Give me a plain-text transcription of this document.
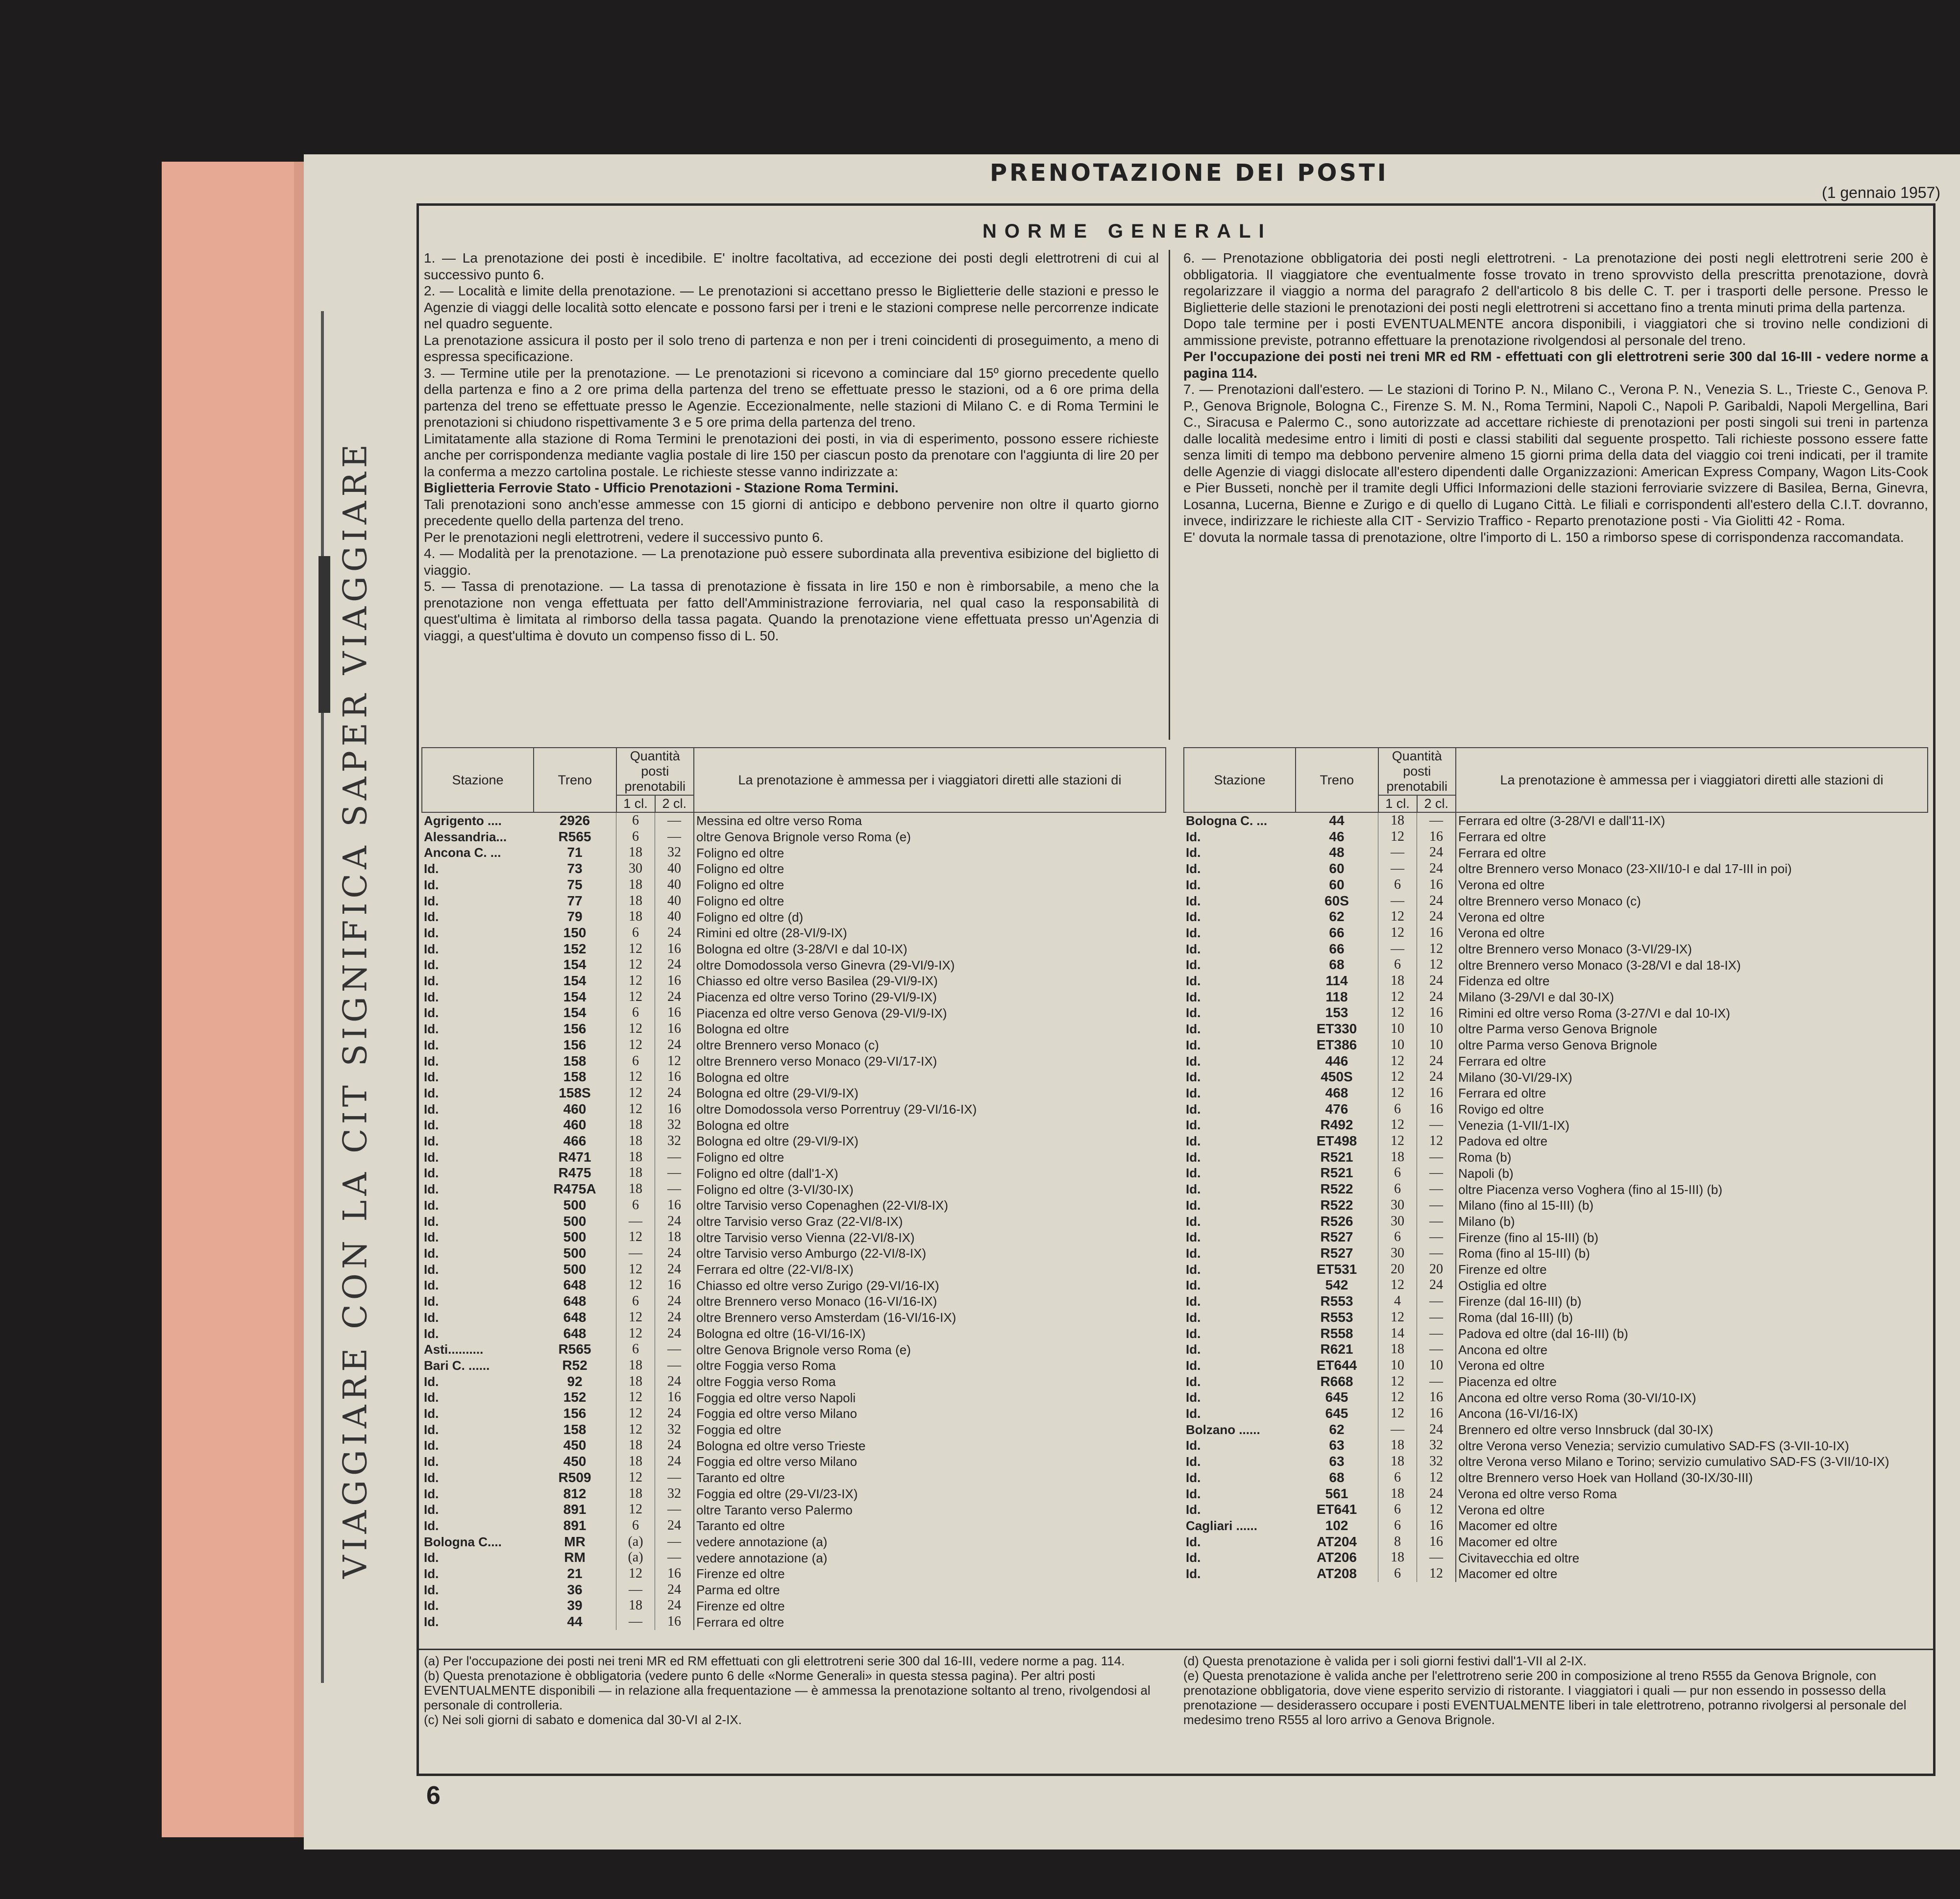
VIAGGIARE CON LA CIT SIGNIFICA SAPER VIAGGIARE
PRENOTAZIONE DEI POSTI
(1 gennaio 1957)
NORME GENERALI

1. — La prenotazione dei posti è incedibile. E' inoltre facoltativa, ad eccezione dei posti degli elettrotreni di cui al successivo punto 6.

2. — Località e limite della prenotazione. — Le prenotazioni si accettano presso le Biglietterie delle stazioni e presso le Agenzie di viaggi delle località sotto elencate e possono farsi per i treni e le stazioni comprese nelle percorrenze indicate nel quadro seguente.

La prenotazione assicura il posto per il solo treno di partenza e non per i treni coincidenti di proseguimento, a meno di espressa specificazione.

3. — Termine utile per la prenotazione. — Le prenotazioni si ricevono a cominciare dal 15º giorno precedente quello della partenza e fino a 2 ore prima della partenza del treno se effettuate presso le stazioni, od a 6 ore prima della partenza del treno se effettuate presso le Agenzie. Eccezionalmente, nelle stazioni di Milano C. e di Roma Termini le prenotazioni si chiudono rispettivamente 3 e 5 ore prima della partenza del treno.

Limitatamente alla stazione di Roma Termini le prenotazioni dei posti, in via di esperimento, possono essere richieste anche per corrispondenza mediante vaglia postale di lire 150 per ciascun posto da prenotare con l'aggiunta di lire 20 per la conferma a mezzo cartolina postale. Le richieste stesse vanno indirizzate a:

Biglietteria Ferrovie Stato - Ufficio Prenotazioni - Stazione Roma Termini.

Tali prenotazioni sono anch'esse ammesse con 15 giorni di anticipo e debbono pervenire non oltre il quarto giorno precedente quello della partenza del treno.

Per le prenotazioni negli elettrotreni, vedere il successivo punto 6.

4. — Modalità per la prenotazione. — La prenotazione può essere subordinata alla preventiva esibizione del biglietto di viaggio.

5. — Tassa di prenotazione. — La tassa di prenotazione è fissata in lire 150 e non è rimborsabile, a meno che la prenotazione non venga effettuata per fatto dell'Amministrazione ferroviaria, nel qual caso la responsabilità di quest'ultima è limitata al rimborso della tassa pagata. Quando la prenotazione viene effettuata presso un'Agenzia di viaggi, a quest'ultima è dovuto un compenso fisso di L. 50.

6. — Prenotazione obbligatoria dei posti negli elettrotreni. - La prenotazione dei posti negli elettrotreni serie 200 è obbligatoria. Il viaggiatore che eventualmente fosse trovato in treno sprovvisto della prescritta prenotazione, dovrà regolarizzare il viaggio a norma del paragrafo 2 dell'articolo 8 bis delle C. T. per i trasporti delle persone. Presso le Biglietterie delle stazioni le prenotazioni dei posti negli elettrotreni si accettano fino a trenta minuti prima della partenza.

Dopo tale termine per i posti EVENTUALMENTE ancora disponibili, i viaggiatori che si trovino nelle condizioni di ammissione previste, potranno effettuare la prenotazione rivolgendosi al personale del treno.

Per l'occupazione dei posti nei treni MR ed RM - effettuati con gli elettrotreni serie 300 dal 16-III - vedere norme a pagina 114.

7. — Prenotazioni dall'estero. — Le stazioni di Torino P. N., Milano C., Verona P. N., Venezia S. L., Trieste C., Genova P. P., Genova Brignole, Bologna C., Firenze S. M. N., Roma Termini, Napoli C., Napoli P. Garibaldi, Napoli Mergellina, Bari C., Siracusa e Palermo C., sono autorizzate ad accettare richieste di prenotazioni per posti singoli sui treni in partenza dalle località medesime entro i limiti di posti e classi stabiliti dal seguente prospetto. Tali richieste possono essere fatte senza limiti di tempo ma debbono pervenire almeno 15 giorni prima della data del viaggio coi treni indicati, per il tramite delle Agenzie di viaggi dislocate all'estero dipendenti dalle Organizzazioni: American Express Company, Wagon Lits-Cook e Pier Busseti, nonchè per il tramite degli Uffici Informazioni delle stazioni ferroviarie svizzere di Basilea, Berna, Ginevra, Losanna, Lucerna, Bienne e Zurigo e di quello di Lugano Città. Le filiali e corrispondenti all'estero della C.I.T. dovranno, invece, indirizzare le richieste alla CIT - Servizio Traffico - Reparto prenotazione posti - Via Giolitti 42 - Roma.

E' dovuta la normale tassa di prenotazione, oltre l'importo di L. 150 a rimborso spese di corrispondenza raccomandata.

Stazione	Treno	Quantità posti prenotabili		La prenotazione è ammessa per i viaggiatori diretti alle stazioni di
		1 cl.	2 cl.	
Agrigento ....	2926	6	—	Messina ed oltre verso Roma
Alessandria...	R565	6	—	oltre Genova Brignole verso Roma (e)
Ancona C. ...	71	18	32	Foligno ed oltre
Id.	73	30	40	Foligno ed oltre
Id.	75	18	40	Foligno ed oltre
Id.	77	18	40	Foligno ed oltre
Id.	79	18	40	Foligno ed oltre (d)
Id.	150	6	24	Rimini ed oltre (28-VI/9-IX)
Id.	152	12	16	Bologna ed oltre (3-28/VI e dal 10-IX)
Id.	154	12	24	oltre Domodossola verso Ginevra (29-VI/9-IX)
Id.	154	12	16	Chiasso ed oltre verso Basilea (29-VI/9-IX)
Id.	154	12	24	Piacenza ed oltre verso Torino (29-VI/9-IX)
Id.	154	6	16	Piacenza ed oltre verso Genova (29-VI/9-IX)
Id.	156	12	16	Bologna ed oltre
Id.	156	12	24	oltre Brennero verso Monaco (c)
Id.	158	6	12	oltre Brennero verso Monaco (29-VI/17-IX)
Id.	158	12	16	Bologna ed oltre
Id.	158S	12	24	Bologna ed oltre (29-VI/9-IX)
Id.	460	12	16	oltre Domodossola verso Porrentruy (29-VI/16-IX)
Id.	460	18	32	Bologna ed oltre
Id.	466	18	32	Bologna ed oltre (29-VI/9-IX)
Id.	R471	18	—	Foligno ed oltre
Id.	R475	18	—	Foligno ed oltre (dall'1-X)
Id.	R475A	18	—	Foligno ed oltre (3-VI/30-IX)
Id.	500	6	16	oltre Tarvisio verso Copenaghen (22-VI/8-IX)
Id.	500	—	24	oltre Tarvisio verso Graz (22-VI/8-IX)
Id.	500	12	18	oltre Tarvisio verso Vienna (22-VI/8-IX)
Id.	500	—	24	oltre Tarvisio verso Amburgo (22-VI/8-IX)
Id.	500	12	24	Ferrara ed oltre (22-VI/8-IX)
Id.	648	12	16	Chiasso ed oltre verso Zurigo (29-VI/16-IX)
Id.	648	6	24	oltre Brennero verso Monaco (16-VI/16-IX)
Id.	648	12	24	oltre Brennero verso Amsterdam (16-VI/16-IX)
Id.	648	12	24	Bologna ed oltre (16-VI/16-IX)
Asti..........	R565	6	—	oltre Genova Brignole verso Roma (e)
Bari C. ......	R52	18	—	oltre Foggia verso Roma
Id.	92	18	24	oltre Foggia verso Roma
Id.	152	12	16	Foggia ed oltre verso Napoli
Id.	156	12	24	Foggia ed oltre verso Milano
Id.	158	12	32	Foggia ed oltre
Id.	450	18	24	Bologna ed oltre verso Trieste
Id.	450	18	24	Foggia ed oltre verso Milano
Id.	R509	12	—	Taranto ed oltre
Id.	812	18	32	Foggia ed oltre (29-VI/23-IX)
Id.	891	12	—	oltre Taranto verso Palermo
Id.	891	6	24	Taranto ed oltre
Bologna C....	MR	(a)	—	vedere annotazione (a)
Id.	RM	(a)	—	vedere annotazione (a)
Id.	21	12	16	Firenze ed oltre
Id.	36	—	24	Parma ed oltre
Id.	39	18	24	Firenze ed oltre
Id.	44	—	16	Ferrara ed oltre
Stazione	Treno	Quantità posti prenotabili		La prenotazione è ammessa per i viaggiatori diretti alle stazioni di
		1 cl.	2 cl.	
Bologna C. ...	44	18	—	Ferrara ed oltre (3-28/VI e dall'11-IX)
Id.	46	12	16	Ferrara ed oltre
Id.	48	—	24	Ferrara ed oltre
Id.	60	—	24	oltre Brennero verso Monaco (23-XII/10-I e dal 17-III in poi)
Id.	60	6	16	Verona ed oltre
Id.	60S	—	24	oltre Brennero verso Monaco (c)
Id.	62	12	24	Verona ed oltre
Id.	66	12	16	Verona ed oltre
Id.	66	—	12	oltre Brennero verso Monaco (3-VI/29-IX)
Id.	68	6	12	oltre Brennero verso Monaco (3-28/VI e dal 18-IX)
Id.	114	18	24	Fidenza ed oltre
Id.	118	12	24	Milano (3-29/VI e dal 30-IX)
Id.	153	12	16	Rimini ed oltre verso Roma (3-27/VI e dal 10-IX)
Id.	ET330	10	10	oltre Parma verso Genova Brignole
Id.	ET386	10	10	oltre Parma verso Genova Brignole
Id.	446	12	24	Ferrara ed oltre
Id.	450S	12	24	Milano (30-VI/29-IX)
Id.	468	12	16	Ferrara ed oltre
Id.	476	6	16	Rovigo ed oltre
Id.	R492	12	—	Venezia (1-VII/1-IX)
Id.	ET498	12	12	Padova ed oltre
Id.	R521	18	—	Roma (b)
Id.	R521	6	—	Napoli (b)
Id.	R522	6	—	oltre Piacenza verso Voghera (fino al 15-III) (b)
Id.	R522	30	—	Milano (fino al 15-III) (b)
Id.	R526	30	—	Milano (b)
Id.	R527	6	—	Firenze (fino al 15-III) (b)
Id.	R527	30	—	Roma (fino al 15-III) (b)
Id.	ET531	20	20	Firenze ed oltre
Id.	542	12	24	Ostiglia ed oltre
Id.	R553	4	—	Firenze (dal 16-III) (b)
Id.	R553	12	—	Roma (dal 16-III) (b)
Id.	R558	14	—	Padova ed oltre (dal 16-III) (b)
Id.	R621	18	—	Ancona ed oltre
Id.	ET644	10	10	Verona ed oltre
Id.	R668	12	—	Piacenza ed oltre
Id.	645	12	16	Ancona ed oltre verso Roma (30-VI/10-IX)
Id.	645	12	16	Ancona (16-VI/16-IX)
Bolzano ......	62	—	24	Brennero ed oltre verso Innsbruck (dal 30-IX)
Id.	63	18	32	oltre Verona verso Venezia; servizio cumulativo SAD-FS (3-VII-10-IX)
Id.	63	18	32	oltre Verona verso Milano e Torino; servizio cumulativo SAD-FS (3-VII/10-IX)
Id.	68	6	12	oltre Brennero verso Hoek van Holland (30-IX/30-III)
Id.	561	18	24	Verona ed oltre verso Roma
Id.	ET641	6	12	Verona ed oltre
Cagliari ......	102	6	16	Macomer ed oltre
Id.	AT204	8	16	Macomer ed oltre
Id.	AT206	18	—	Civitavecchia ed oltre
Id.	AT208	6	12	Macomer ed oltre

(a) Per l'occupazione dei posti nei treni MR ed RM effettuati con gli elettrotreni serie 300 dal 16-III, vedere norme a pag. 114.

(b) Questa prenotazione è obbligatoria (vedere punto 6 delle «Norme Generali» in questa stessa pagina). Per altri posti EVENTUALMENTE disponibili — in relazione alla frequentazione — è ammessa la prenotazione soltanto al treno, rivolgendosi al personale di controlleria.

(c) Nei soli giorni di sabato e domenica dal 30-VI al 2-IX.

(d) Questa prenotazione è valida per i soli giorni festivi dall'1-VII al 2-IX.

(e) Questa prenotazione è valida anche per l'elettrotreno serie 200 in composizione al treno R555 da Genova Brignole, con prenotazione obbligatoria, dove viene esperito servizio di ristorante. I viaggiatori i quali — pur non essendo in possesso della prenotazione — desiderassero occupare i posti EVENTUALMENTE liberi in tale elettrotreno, potranno rivolgersi al personale del medesimo treno R555 al loro arrivo a Genova Brignole.

6
